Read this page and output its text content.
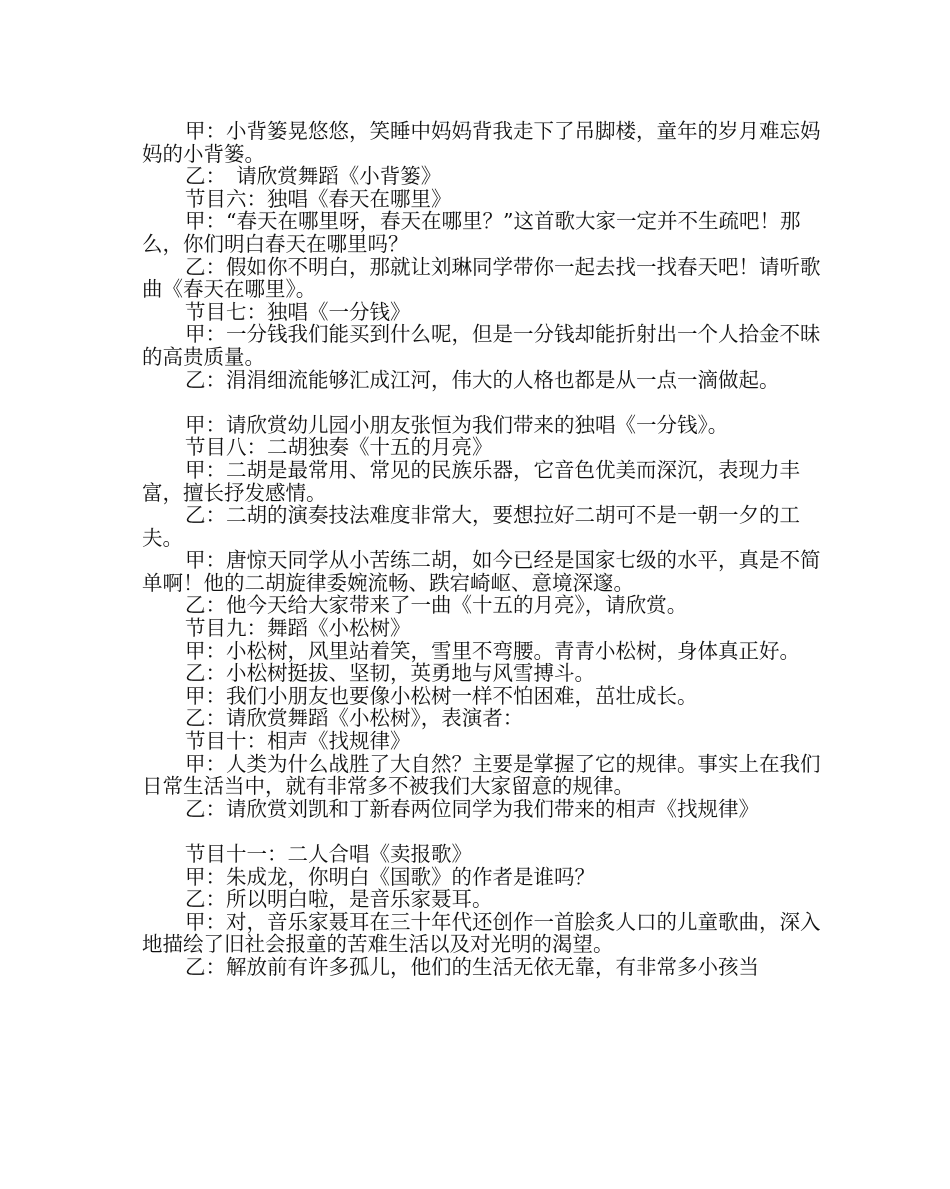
甲：小背篓晃悠悠，笑睡中妈妈背我走下了吊脚楼，童年的岁月难忘妈妈的小背篓。

乙：　请欣赏舞蹈《小背篓》

节目六：独唱《春天在哪里》

甲：“春天在哪里呀，春天在哪里？”这首歌大家一定并不生疏吧！那么，你们明白春天在哪里吗？

乙：假如你不明白，那就让刘琳同学带你一起去找一找春天吧！请听歌曲《春天在哪里》。

节目七：独唱《一分钱》

甲：一分钱我们能买到什么呢，但是一分钱却能折射出一个人拾金不昧的高贵质量。

乙：涓涓细流能够汇成江河，伟大的人格也都是从一点一滴做起。

甲：请欣赏幼儿园小朋友张恒为我们带来的独唱《一分钱》。

节目八：二胡独奏《十五的月亮》

甲：二胡是最常用、常见的民族乐器，它音色优美而深沉，表现力丰富，擅长抒发感情。

乙：二胡的演奏技法难度非常大，要想拉好二胡可不是一朝一夕的工夫。

甲：唐惊天同学从小苦练二胡，如今已经是国家七级的水平，真是不简单啊！他的二胡旋律委婉流畅、跌宕崎岖、意境深邃。

乙：他今天给大家带来了一曲《十五的月亮》，请欣赏。

节目九：舞蹈《小松树》

甲：小松树，风里站着笑，雪里不弯腰。青青小松树，身体真正好。

乙：小松树挺拔、坚韧，英勇地与风雪搏斗。

甲：我们小朋友也要像小松树一样不怕困难，茁壮成长。

乙：请欣赏舞蹈《小松树》，表演者：

节目十：相声《找规律》

甲：人类为什么战胜了大自然？主要是掌握了它的规律。事实上在我们日常生活当中，就有非常多不被我们大家留意的规律。

乙：请欣赏刘凯和丁新春两位同学为我们带来的相声《找规律》

节目十一：二人合唱《卖报歌》

甲：朱成龙，你明白《国歌》的作者是谁吗？

乙：所以明白啦，是音乐家聂耳。

甲：对，音乐家聂耳在三十年代还创作一首脍炙人口的儿童歌曲，深入地描绘了旧社会报童的苦难生活以及对光明的渴望。

乙：解放前有许多孤儿，他们的生活无依无靠，有非常多小孩当
